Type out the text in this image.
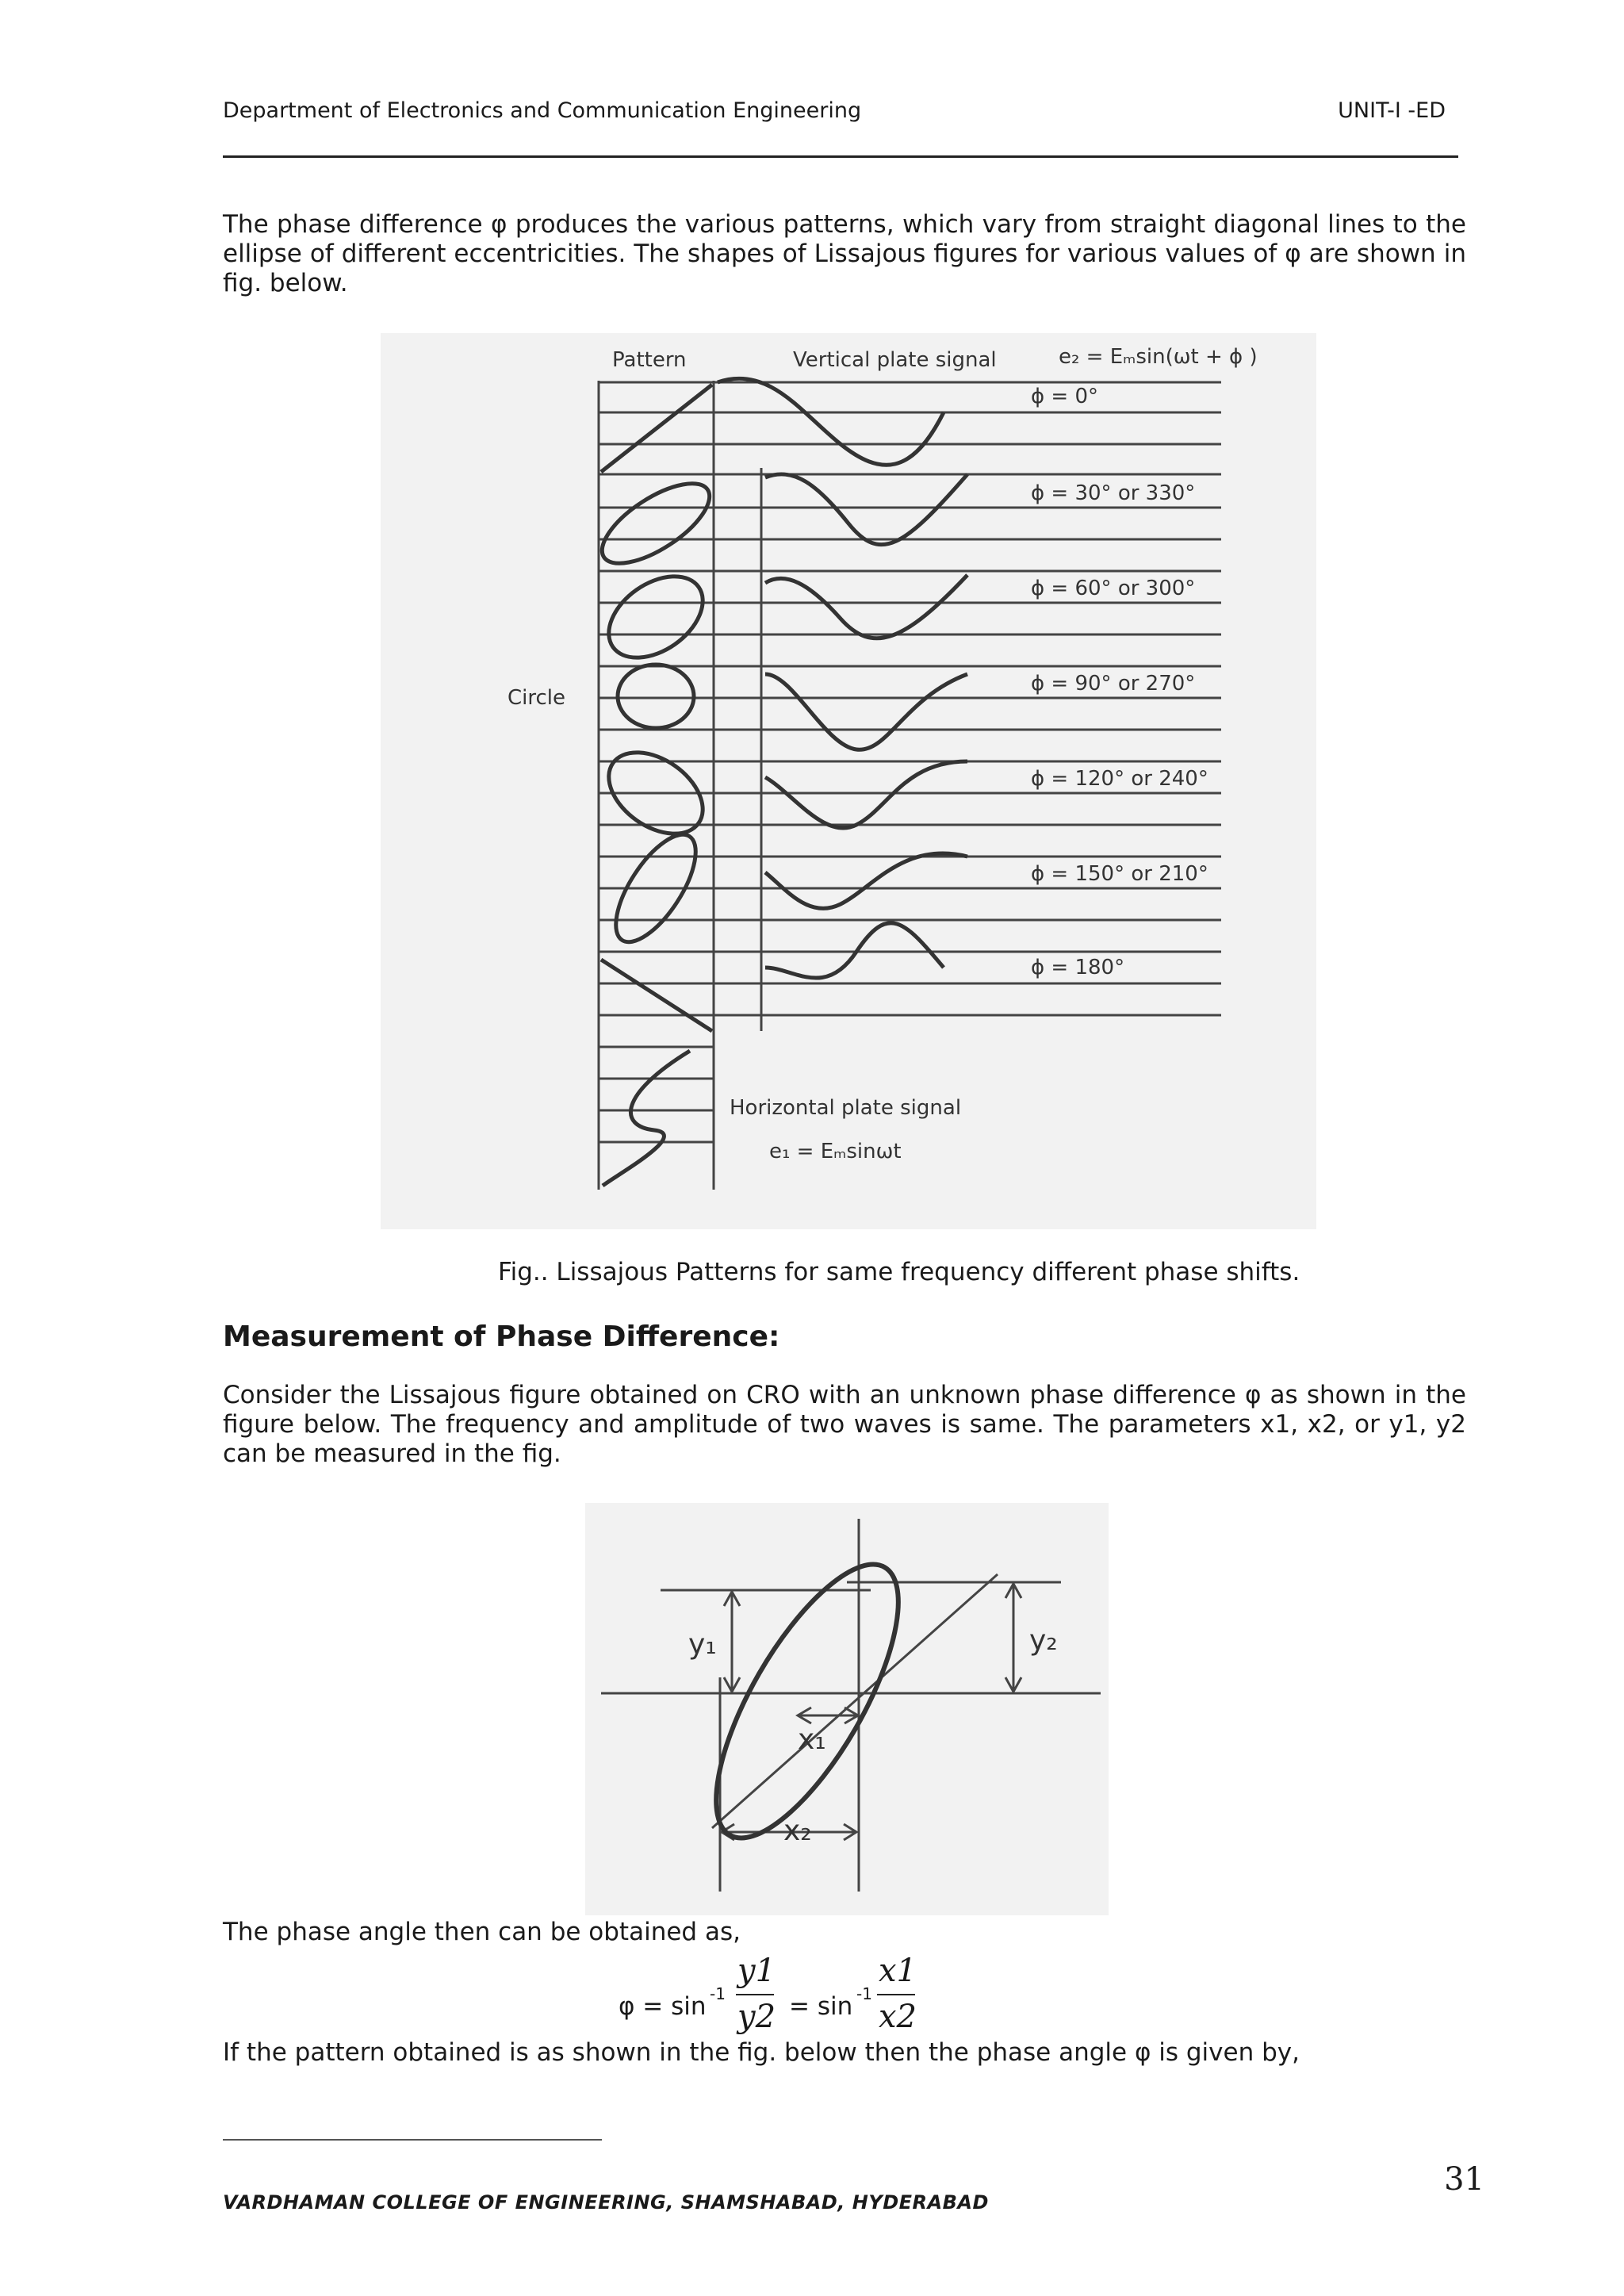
Department of Electronics and Communication Engineering	UNIT-I -ED
The phase difference φ produces the various patterns, which vary from straight diagonal lines to the ellipse of different eccentricities. The shapes of Lissajous figures for various values of φ are shown in fig. below.
Pattern	Vertical plate signal	e₂ = Eₘsin(ωt + ϕ )
Circle
ϕ = 0°
ϕ = 30° or 330°
ϕ = 60° or 300°
ϕ = 90° or 270°
ϕ = 120° or 240°
ϕ = 150° or 210°
ϕ = 180°
Horizontal plate signal
e₁ = Eₘsinωt
Fig.. Lissajous Patterns for same frequency different phase shifts.
Measurement of Phase Difference:
Consider the Lissajous figure obtained on CRO with an unknown phase difference φ as shown in the figure below. The frequency and amplitude of two waves is same. The parameters x1, x2, or y1, y2 can be measured in the fig.
y₁	y₂
x₁
x₂
The phase angle then can be obtained as,
φ = sin -1
y1
y2 = sin -1
x1
x2
If the pattern obtained is as shown in the fig. below then the phase angle φ is given by,
31
VARDHAMAN COLLEGE OF ENGINEERING, SHAMSHABAD, HYDERABAD
